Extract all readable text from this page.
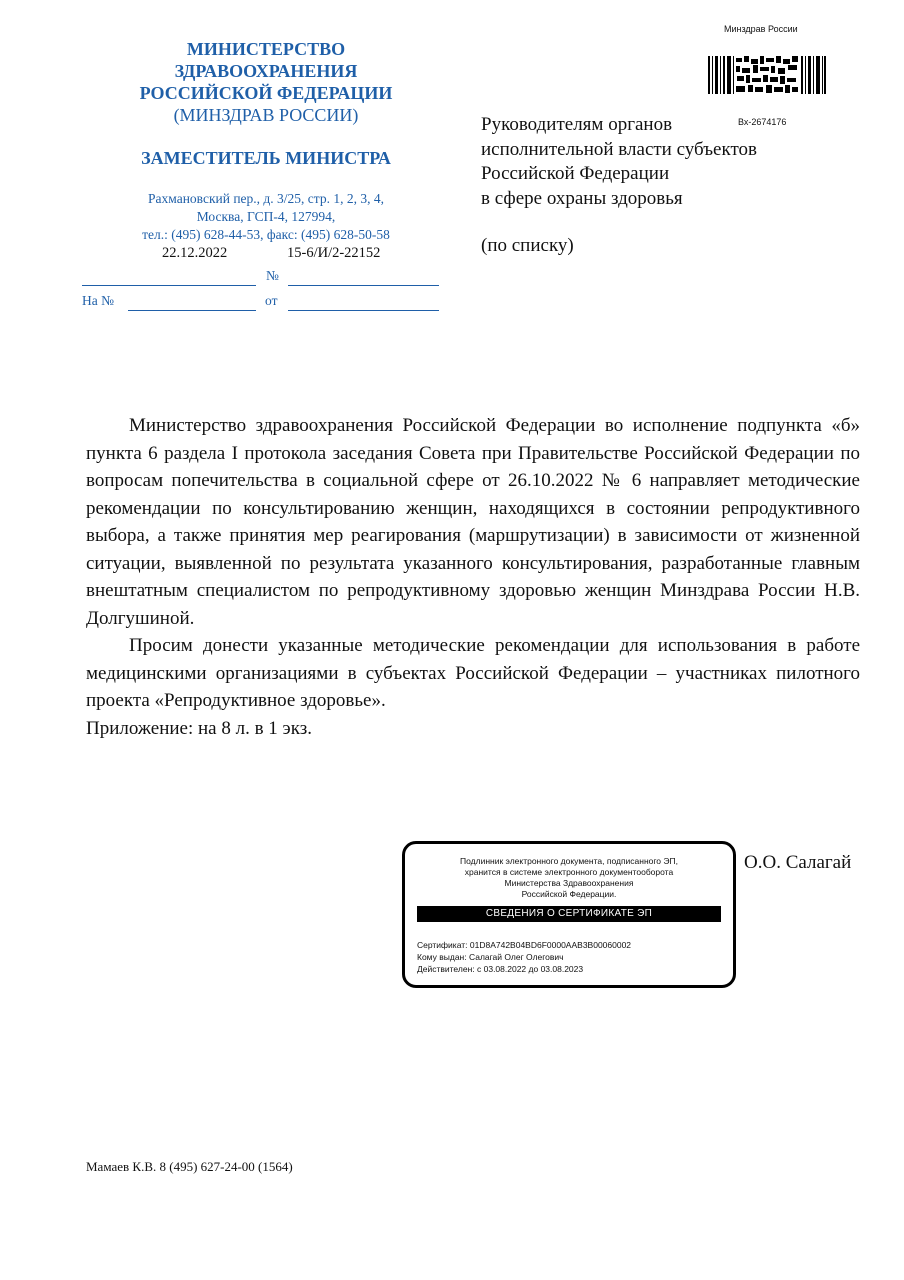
МИНИСТЕРСТВО
ЗДРАВООХРАНЕНИЯ
РОССИЙСКОЙ ФЕДЕРАЦИИ
(МИНЗДРАВ РОССИИ)
ЗАМЕСТИТЕЛЬ МИНИСТРА
Рахмановский пер., д. 3/25, стр. 1, 2, 3, 4,
Москва, ГСП-4, 127994,
тел.: (495) 628-44-53, факс: (495) 628-50-58
22.12.2022	15-6/И/2-22152
№
На №	от
Минздрав России
Вх-2674176
Руководителям органов
исполнительной власти субъектов
Российской Федерации
в сфере охраны здоровья
(по списку)

Министерство здравоохранения Российской Федерации во исполнение подпункта «б» пункта 6 раздела I протокола заседания Совета при Правительстве Российской Федерации по вопросам попечительства в социальной сфере от 26.10.2022 № 6 направляет методические рекомендации по консультированию женщин, находящихся в состоянии репродуктивного выбора, а также принятия мер реагирования (маршрутизации) в зависимости от жизненной ситуации, выявленной по результата указанного консультирования, разработанные главным внештатным специалистом по репродуктивному здоровью женщин Минздрава России Н.В. Долгушиной.

Просим донести указанные методические рекомендации для использования в работе медицинскими организациями в субъектах Российской Федерации – участниках пилотного проекта «Репродуктивное здоровье».

Приложение: на 8 л. в 1 экз.

Подлинник электронного документа, подписанного ЭП,
хранится в системе электронного документооборота
Министерства Здравоохранения
Российской Федерации.
СВЕДЕНИЯ О СЕРТИФИКАТЕ ЭП
Сертификат: 01D8A742B04BD6F0000AAB3B00060002
Кому выдан: Салагай Олег Олегович
Действителен: с 03.08.2022 до 03.08.2023
О.О. Салагай
Мамаев К.В. 8 (495) 627-24-00 (1564)
